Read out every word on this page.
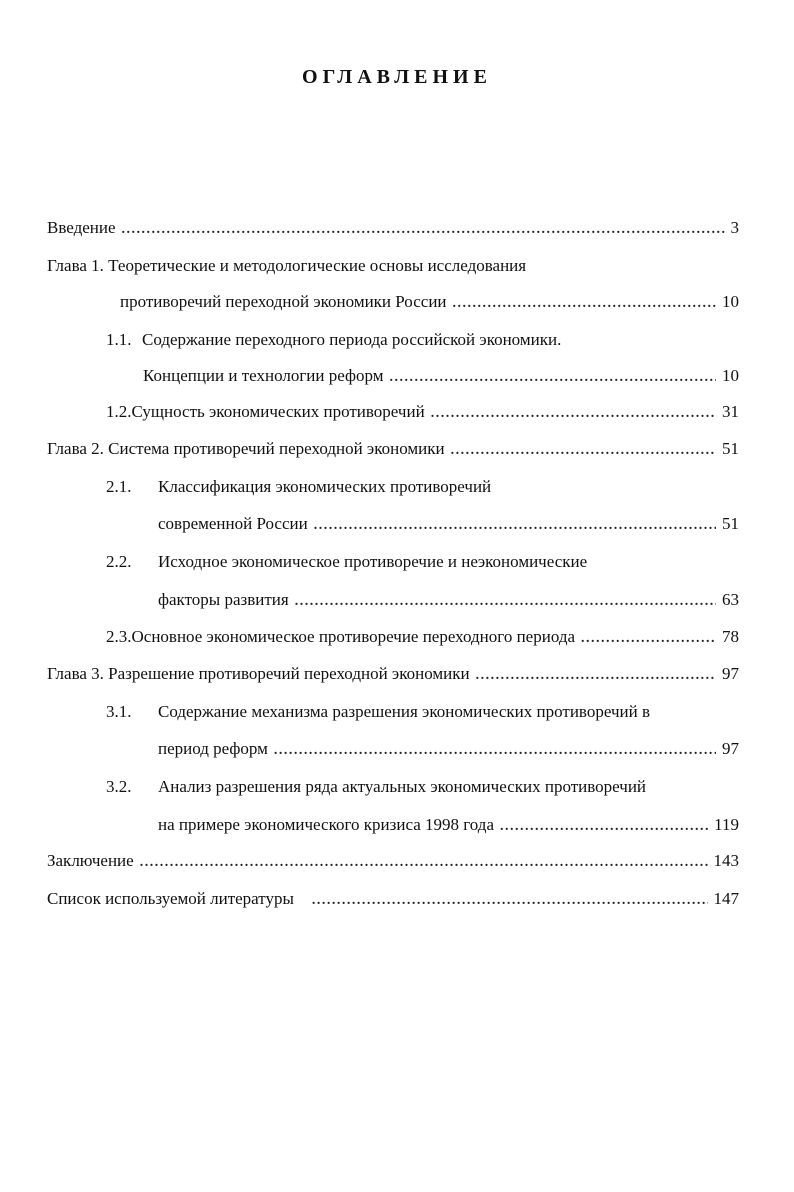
ОГЛАВЛЕНИЕ
Введение . . .	3
Глава 1. Теоретические и методологические основы исследования
противоречий переходной экономики России . . .	10
1.1. Содержание переходного периода российской экономики.
Концепции и технологии реформ . . .	10
1.2. Сущность экономических противоречий . . .	31
Глава 2. Система противоречий переходной экономики . . .	51
2.1.	Классификация экономических противоречий
современной России . . .	51
2.2.	Исходное экономическое противоречие и неэкономические
факторы развития . . .	63
2.3. Основное экономическое противоречие переходного периода . . .	78
Глава 3. Разрешение противоречий переходной экономики . . .	97
3.1.	Содержание механизма разрешения экономических противоречий в
период реформ . . .	97
3.2.	Анализ разрешения ряда актуальных экономических противоречий
на примере экономического кризиса 1998 года . . .	119
Заключение . . .	143
Список используемой литературы . . .	147
